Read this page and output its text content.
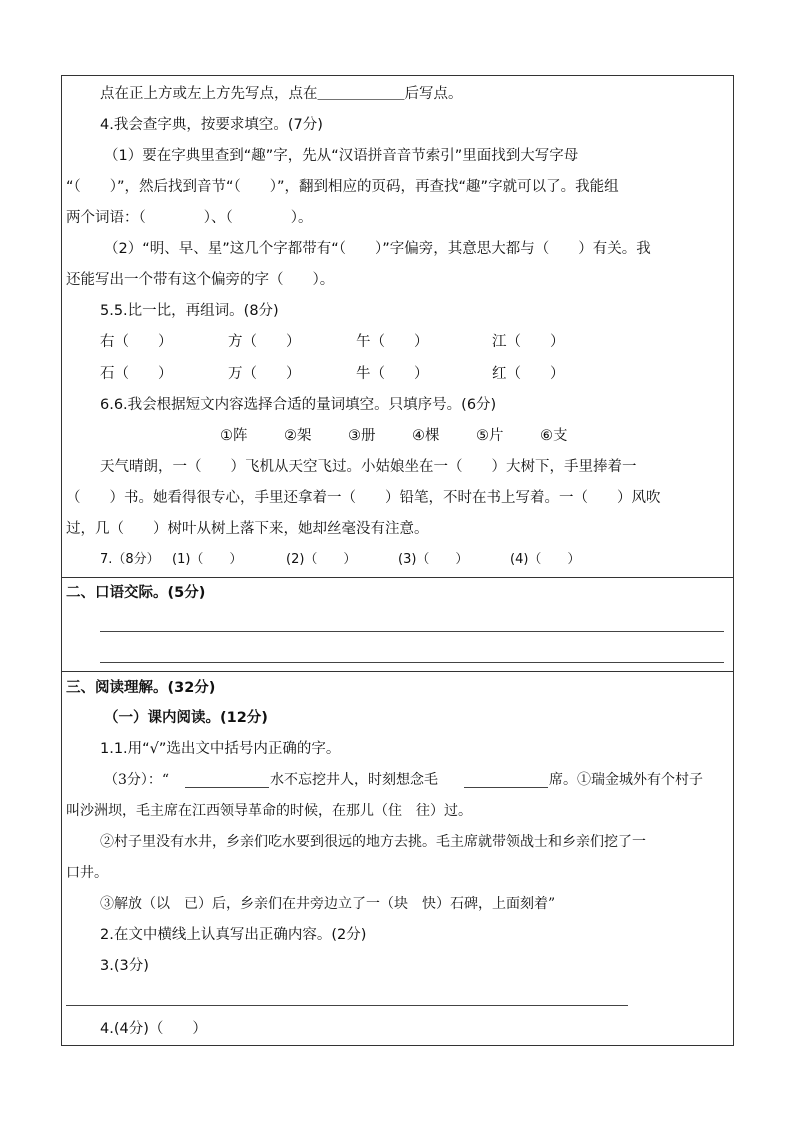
点在正上方或左上方先写点，点在＿＿＿＿＿＿后写点。
4.我会查字典，按要求填空。(7分)
（1）要在字典里查到“趣”字，先从“汉语拼音音节索引”里面找到大写字母
“（　　）”，然后找到音节“（　　）”，翻到相应的页码，再查找“趣”字就可以了。我能组
两个词语：（　　　　）、（　　　　）。
（2）“明、早、星”这几个字都带有“（　　）”字偏旁，其意思大都与（　　）有关。我
还能写出一个带有这个偏旁的字（　　）。
5.5.比一比，再组词。(8分)
右（　　）	方（　　）	午（　　）	江（　　）
石（　　）	万（　　）	牛（　　）	红（　　）
6.6.我会根据短文内容选择合适的量词填空。只填序号。(6分)
①阵	②架	③册	④棵	⑤片	⑥支
天气晴朗，一（　　）飞机从天空飞过。小姑娘坐在一（　　）大树下，手里捧着一
（　　）书。她看得很专心，手里还拿着一（　　）铅笔，不时在书上写着。一（　　）风吹
过，几（　　）树叶从树上落下来，她却丝毫没有注意。
7.（8分） (1)（　　）	(2)（　　）	(3)（　　）	(4)（　　）
二、口语交际。(5分)
三、阅读理解。(32分)
（一）课内阅读。(12分)
1.1.用“√”选出文中括号内正确的字。
（3分）：“	水不忘挖井人，时刻想念毛	席。①瑞金城外有个村子
叫沙洲坝，毛主席在江西领导革命的时候，在那儿（住　往）过。
②村子里没有水井，乡亲们吃水要到很远的地方去挑。毛主席就带领战士和乡亲们挖了一
口井。
③解放（以　已）后，乡亲们在井旁边立了一（块　快）石碑，上面刻着”
2.在文中横线上认真写出正确内容。(2分)
3.(3分)
4.(4分)（　　）
